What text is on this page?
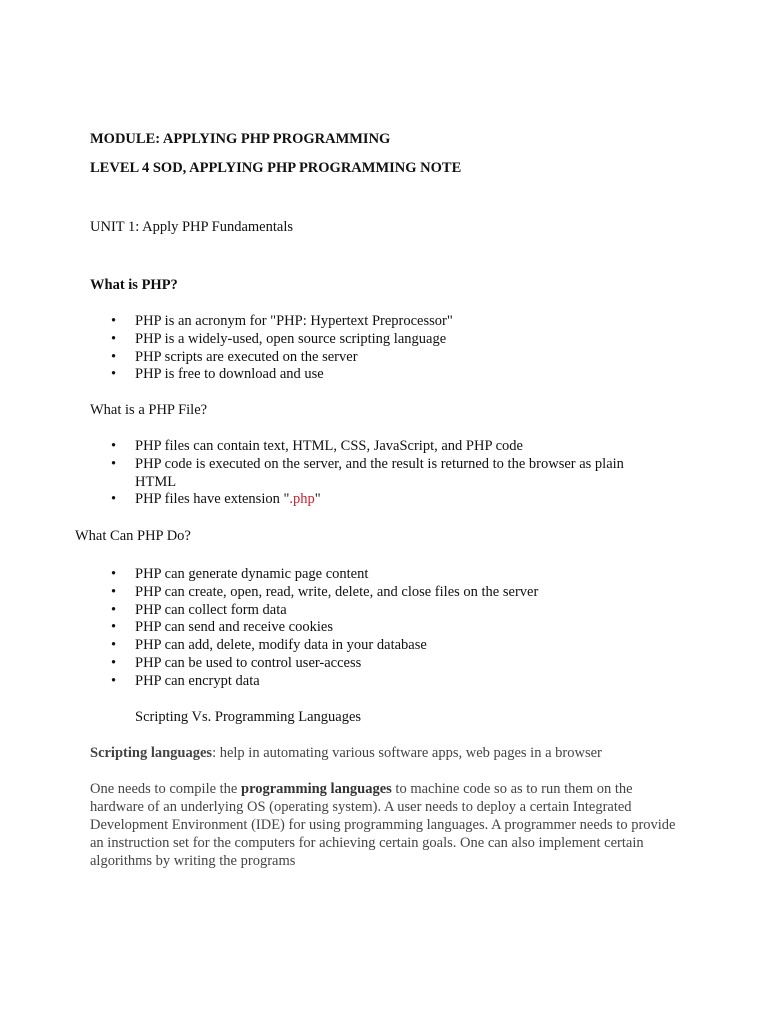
MODULE: APPLYING PHP PROGRAMMING

LEVEL 4 SOD, APPLYING PHP PROGRAMMING NOTE

UNIT 1: Apply PHP Fundamentals

What is PHP?

• PHP is an acronym for "PHP: Hypertext Preprocessor"
• PHP is a widely-used, open source scripting language
• PHP scripts are executed on the server
• PHP is free to download and use

What is a PHP File?

• PHP files can contain text, HTML, CSS, JavaScript, and PHP code
• PHP code is executed on the server, and the result is returned to the browser as plain
HTML
• PHP files have extension ".php"

What Can PHP Do?

• PHP can generate dynamic page content
• PHP can create, open, read, write, delete, and close files on the server
• PHP can collect form data
• PHP can send and receive cookies
• PHP can add, delete, modify data in your database
• PHP can be used to control user-access
• PHP can encrypt data

Scripting Vs. Programming Languages

Scripting languages: help in automating various software apps, web pages in a browser

One needs to compile the programming languages to machine code so as to run them on the hardware of an underlying OS (operating system). A user needs to deploy a certain Integrated Development Environment (IDE) for using programming languages. A programmer needs to provide an instruction set for the computers for achieving certain goals. One can also implement certain algorithms by writing the programs
